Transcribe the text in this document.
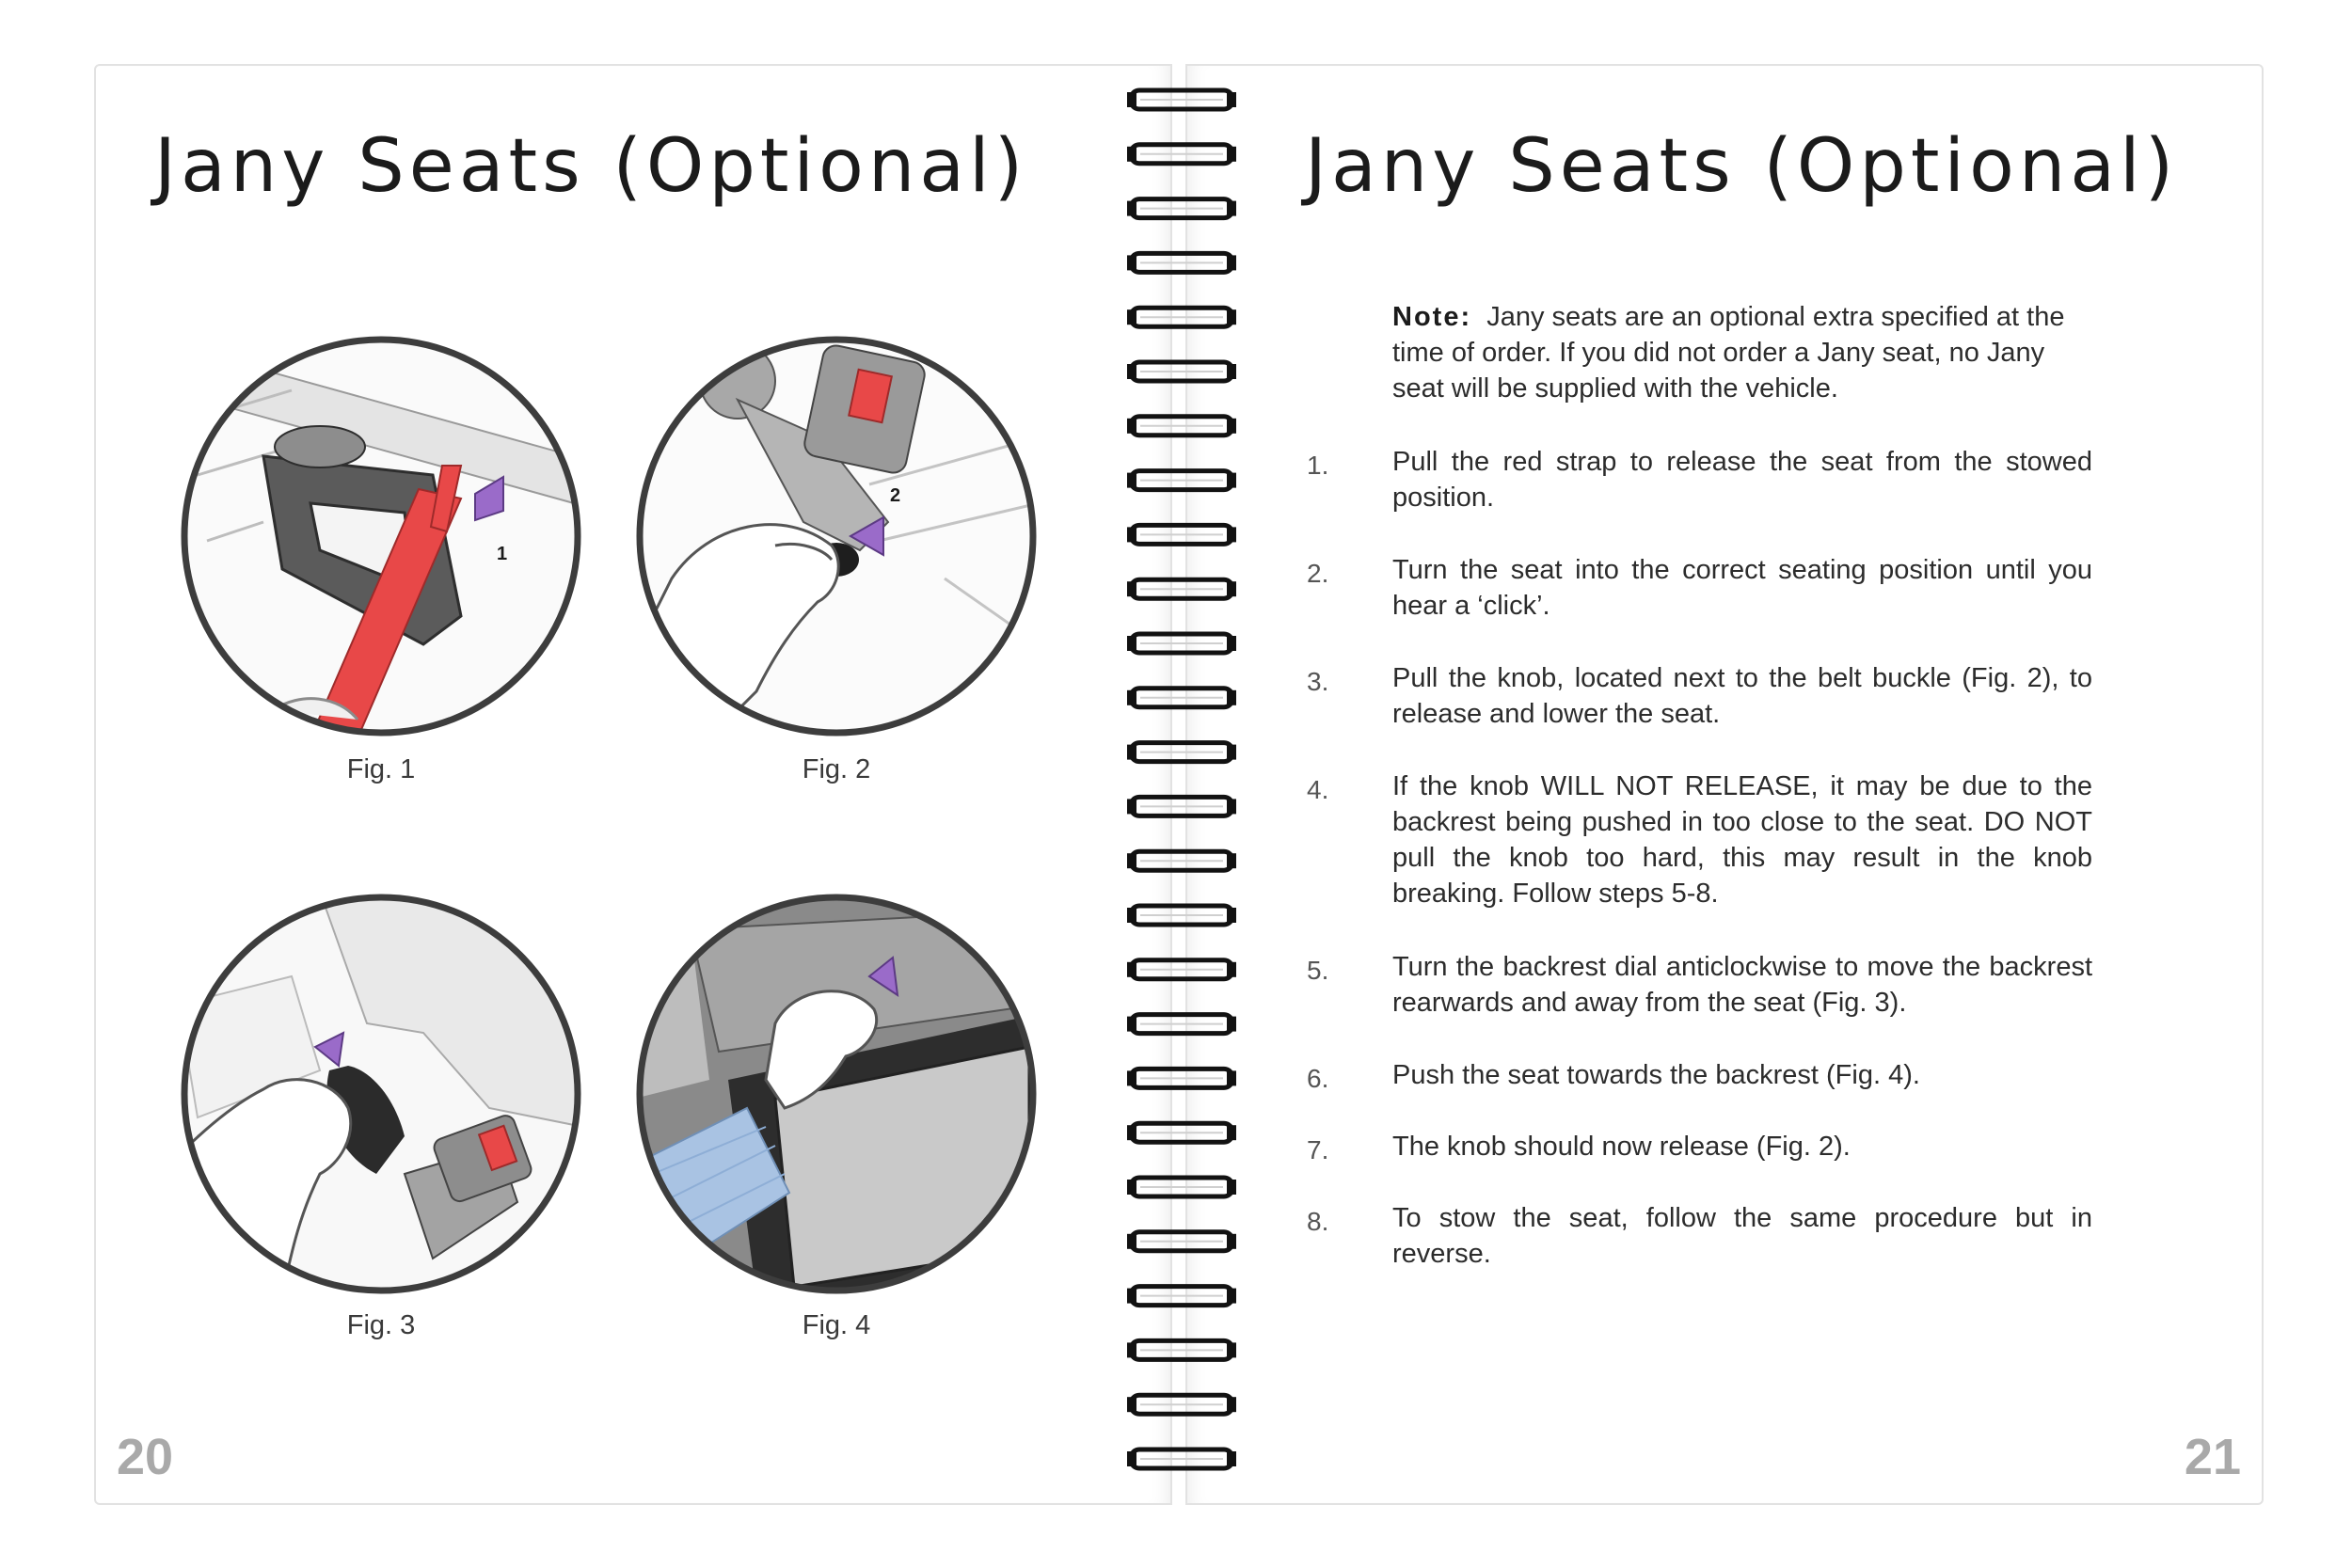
Jany Seats (Optional)
1
Fig. 1
2
Fig. 2
Fig. 3	Fig. 4
20
Jany Seats (Optional)
Note: Jany seats are an optional extra specified at the time of order. If you did not order a Jany seat, no Jany seat will be supplied with the vehicle.
1.	Pull the red strap to release the seat from the stowed position.
2.	Turn the seat into the correct seating position until you hear a ‘click’.
3.	Pull the knob, located next to the belt buckle (Fig. 2), to release and lower the seat.
4.	If the knob WILL NOT RELEASE, it may be due to the backrest being pushed in too close to the seat. DO NOT pull the knob too hard, this may result in the knob breaking. Follow steps 5-8.
5.	Turn the backrest dial anticlockwise to move the backrest rearwards and away from the seat (Fig. 3).
6.	Push the seat towards the backrest (Fig. 4).
7.	The knob should now release (Fig. 2).
8.	To stow the seat, follow the same procedure but in reverse.
21
